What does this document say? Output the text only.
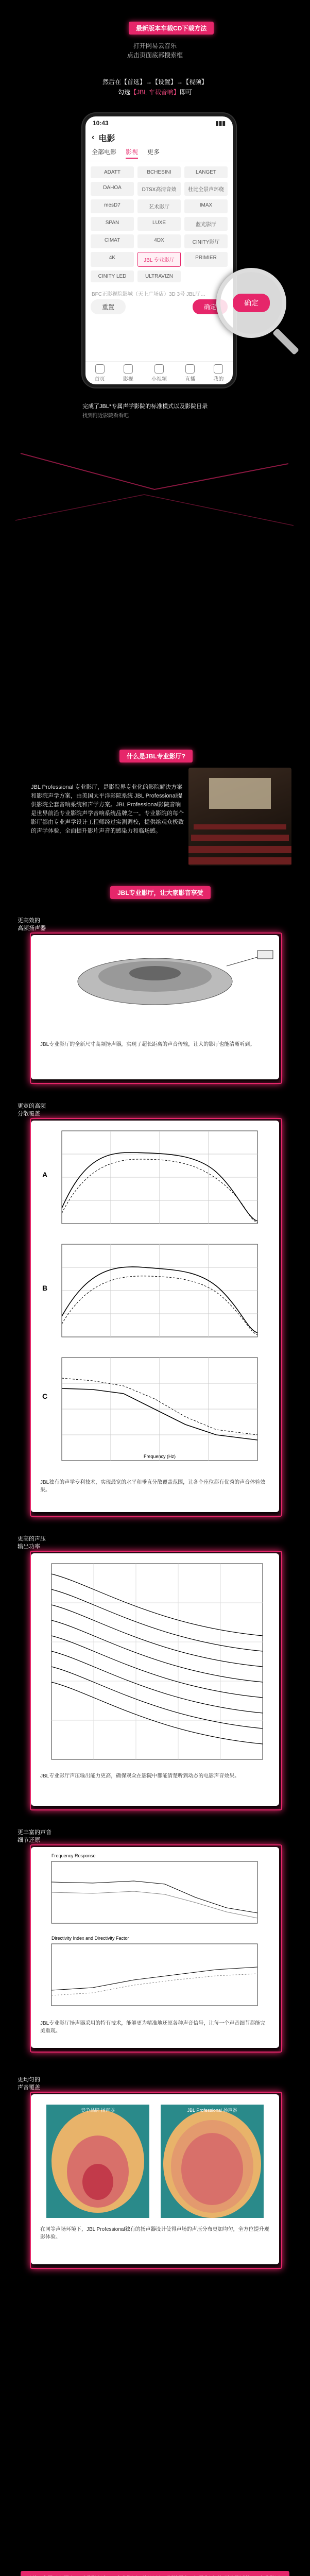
最新版本车载CD下载方法
打开网易云音乐
点击页面底部搜索框
然后在【首选】→【设置】→【视频】
勾选【JBL 车载音响】即可
10:43	▮▮▮
‹ 电影
全部电影 影视 更多
ADATT	BCHESINI	LANGET
DAHOA	DTSX高清音效	杜比全景声环绕
mesD7	艺术影厅	IMAX
SPAN	LUXE	蓝光影厅
CIMAT	4DX	CINITY影厅
4K	JBL 专业影厅	PRIMIER
CINITY LED	ULTRAVIZN
BFC正影视院影城（天上广场店）3D 3号 JBL厅…
重置	确定
首页	影视	小视频	直播	我的
确定
完成了JBL*专属声学影院的标准模式以及影院目录
找到附近影院看看吧
什么是JBL专业影厅?
JBL Professional 专业影厅，是影院界专业化的影院解决方案和影院声学方案，由美国太平洋影院系统 JBL Professional提供影院全套音响系统和声学方案。JBL Professional影院音响是世界前沿专业影院声学音响系统品牌之一。专业影院的每个影厅都由专业声学设计工程师经过实测调校，提供给观众极致的声学体验，全面提升影片声音的感染力和临场感。
JBL专业影厅，让大家影音享受
更高效的
高频扬声器
JBL专业影厅的全新尺寸高频扬声器，实现了超长距离的声音传输，让大的影厅也能清晰听到。
更宽的高频
分散覆盖
A
B
C
Frequency (Hz)
JBL独有的声学专利技术，实现最宽的水平和垂直分散覆盖范围，让各个座位都有优秀的声音体验效果。
更高的声压
输出功率
JBL专业影厅声压输出能力更高，确保观众在影院中都能清楚听到动态的电影声音效果。
更丰富的声音
细节还原
Frequency Response
Directivity Index and Directivity Factor
JBL专业影厅扬声器采用的特有技术，能够更为精准地还原各种声音信号，让每一个声音细节都能完美重现。
更均匀的
声音覆盖
竞争品牌 扬声器	JBL Professional 扬声器
在同等声场环境下，JBL Professional独有的扬声器设计使得声场的声压分布更加均匀，全方位提升观影体验。
